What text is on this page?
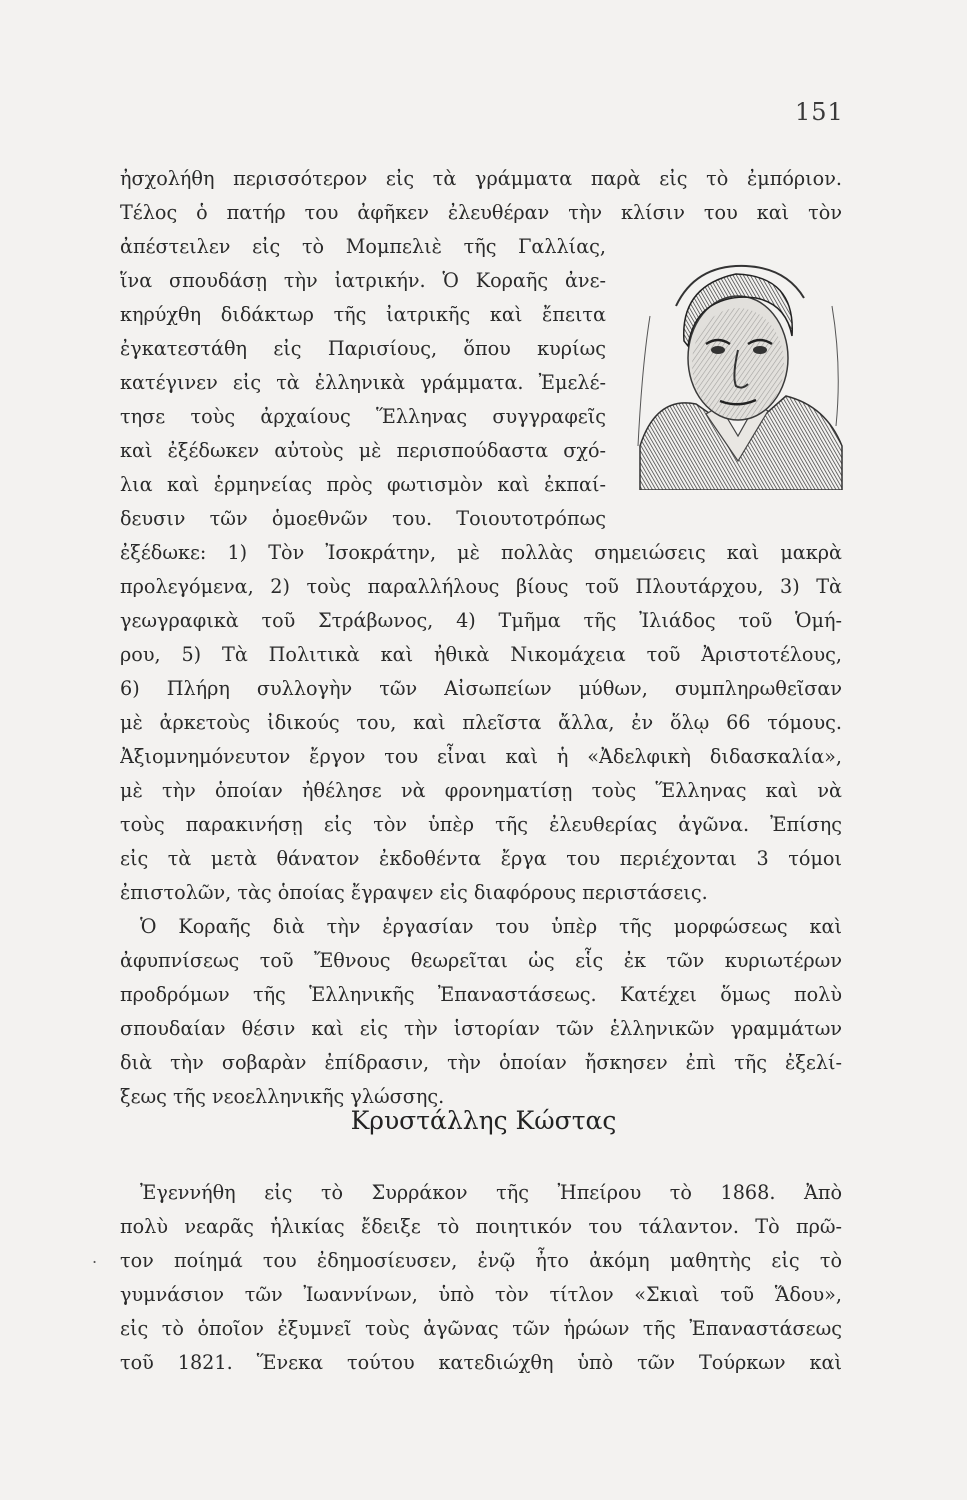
151
ἠσχολήθη περισσότερον εἰς τὰ γράμματα παρὰ εἰς τὸ ἐμπόριον.
Τέλος ὁ πατήρ του ἀφῆκεν ἐλευθέραν τὴν κλίσιν του καὶ τὸν
ἀπέστειλεν εἰς τὸ Μομπελιὲ τῆς Γαλλίας,
ἵνα σπουδάσῃ τὴν ἰατρικήν. Ὁ Κοραῆς ἀνε-
κηρύχθη διδάκτωρ τῆς ἰατρικῆς καὶ ἔπειτα
ἐγκατεστάθη εἰς Παρισίους, ὅπου κυρίως
κατέγινεν εἰς τὰ ἑλληνικὰ γράμματα. Ἐμελέ-
τησε τοὺς ἀρχαίους Ἕλληνας συγγραφεῖς
καὶ ἐξέδωκεν αὐτοὺς μὲ περισπούδαστα σχό-
λια καὶ ἑρμηνείας πρὸς φωτισμὸν καὶ ἐκπαί-
δευσιν τῶν ὁμοεθνῶν του. Τοιουτοτρόπως
ἐξέδωκε: 1) Τὸν Ἰσοκράτην, μὲ πολλὰς σημειώσεις καὶ μακρὰ
προλεγόμενα, 2) τοὺς παραλλήλους βίους τοῦ Πλουτάρχου, 3) Τὰ
γεωγραφικὰ τοῦ Στράβωνος, 4) Τμῆμα τῆς Ἰλιάδος τοῦ Ὁμή-
ρου, 5) Τὰ Πολιτικὰ καὶ ἠθικὰ Νικομάχεια τοῦ Ἀριστοτέλους,
6) Πλήρη συλλογὴν τῶν Αἰσωπείων μύθων, συμπληρωθεῖσαν
μὲ ἀρκετοὺς ἰδικούς του, καὶ πλεῖστα ἄλλα, ἐν ὅλῳ 66 τόμους.
Ἀξιομνημόνευτον ἔργον του εἶναι καὶ ἡ «Ἀδελφικὴ διδασκαλία»,
μὲ τὴν ὁποίαν ἠθέλησε νὰ φρονηματίσῃ τοὺς Ἕλληνας καὶ νὰ
τοὺς παρακινήσῃ εἰς τὸν ὑπὲρ τῆς ἐλευθερίας ἀγῶνα. Ἐπίσης
εἰς τὰ μετὰ θάνατον ἐκδοθέντα ἔργα του περιέχονται 3 τόμοι
ἐπιστολῶν, τὰς ὁποίας ἔγραψεν εἰς διαφόρους περιστάσεις.
Ὁ Κοραῆς διὰ τὴν ἐργασίαν του ὑπὲρ τῆς μορφώσεως καὶ
ἀφυπνίσεως τοῦ Ἔθνους θεωρεῖται ὡς εἷς ἐκ τῶν κυριωτέρων
προδρόμων τῆς Ἑλληνικῆς Ἐπαναστάσεως. Κατέχει ὅμως πολὺ
σπουδαίαν θέσιν καὶ εἰς τὴν ἱστορίαν τῶν ἑλληνικῶν γραμμάτων
διὰ τὴν σοβαρὰν ἐπίδρασιν, τὴν ὁποίαν ἤσκησεν ἐπὶ τῆς ἐξελί-
ξεως τῆς νεοελληνικῆς γλώσσης.
Κρυστάλλης Κώστας
Ἐγεννήθη εἰς τὸ Συρράκον τῆς Ἠπείρου τὸ 1868. Ἀπὸ
πολὺ νεαρᾶς ἡλικίας ἔδειξε τὸ ποιητικόν του τάλαντον. Τὸ πρῶ-
τον ποίημά του ἐδημοσίευσεν, ἐνῷ ἦτο ἀκόμη μαθητὴς εἰς τὸ
γυμνάσιον τῶν Ἰωαννίνων, ὑπὸ τὸν τίτλον «Σκιαὶ τοῦ Ἅδου»,
εἰς τὸ ὁποῖον ἐξυμνεῖ τοὺς ἀγῶνας τῶν ἡρώων τῆς Ἐπαναστάσεως
τοῦ 1821. Ἕνεκα τούτου κατεδιώχθη ὑπὸ τῶν Τούρκων καὶ
.
